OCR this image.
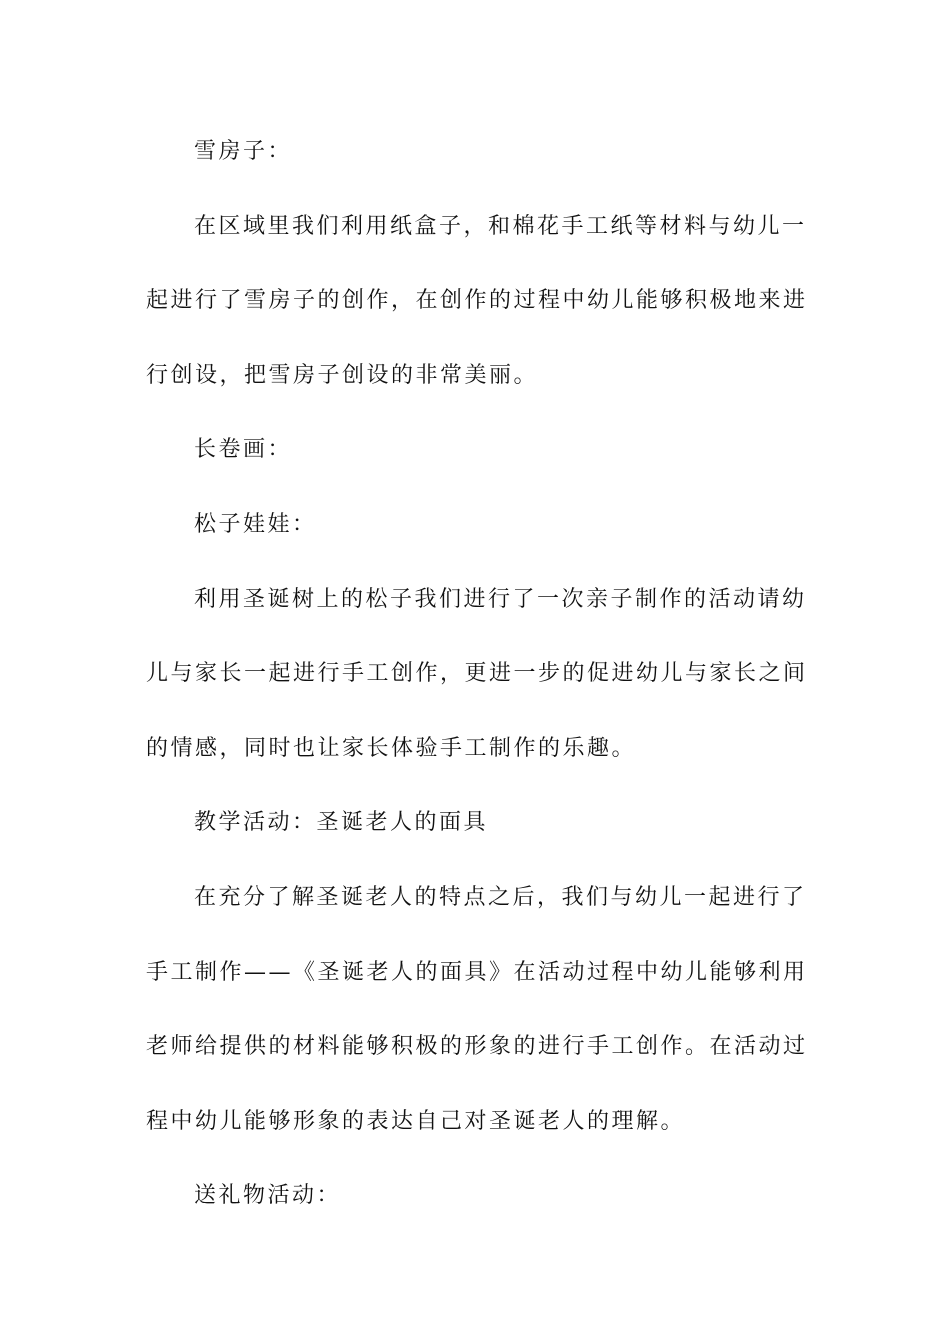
雪房子：
在区域里我们利用纸盒子，和棉花手工纸等材料与幼儿一
起进行了雪房子的创作，在创作的过程中幼儿能够积极地来进
行创设，把雪房子创设的非常美丽。
长卷画：
松子娃娃：
利用圣诞树上的松子我们进行了一次亲子制作的活动请幼
儿与家长一起进行手工创作，更进一步的促进幼儿与家长之间
的情感，同时也让家长体验手工制作的乐趣。
教学活动：圣诞老人的面具
在充分了解圣诞老人的特点之后，我们与幼儿一起进行了
手工制作——《圣诞老人的面具》在活动过程中幼儿能够利用
老师给提供的材料能够积极的形象的进行手工创作。在活动过
程中幼儿能够形象的表达自己对圣诞老人的理解。
送礼物活动：
